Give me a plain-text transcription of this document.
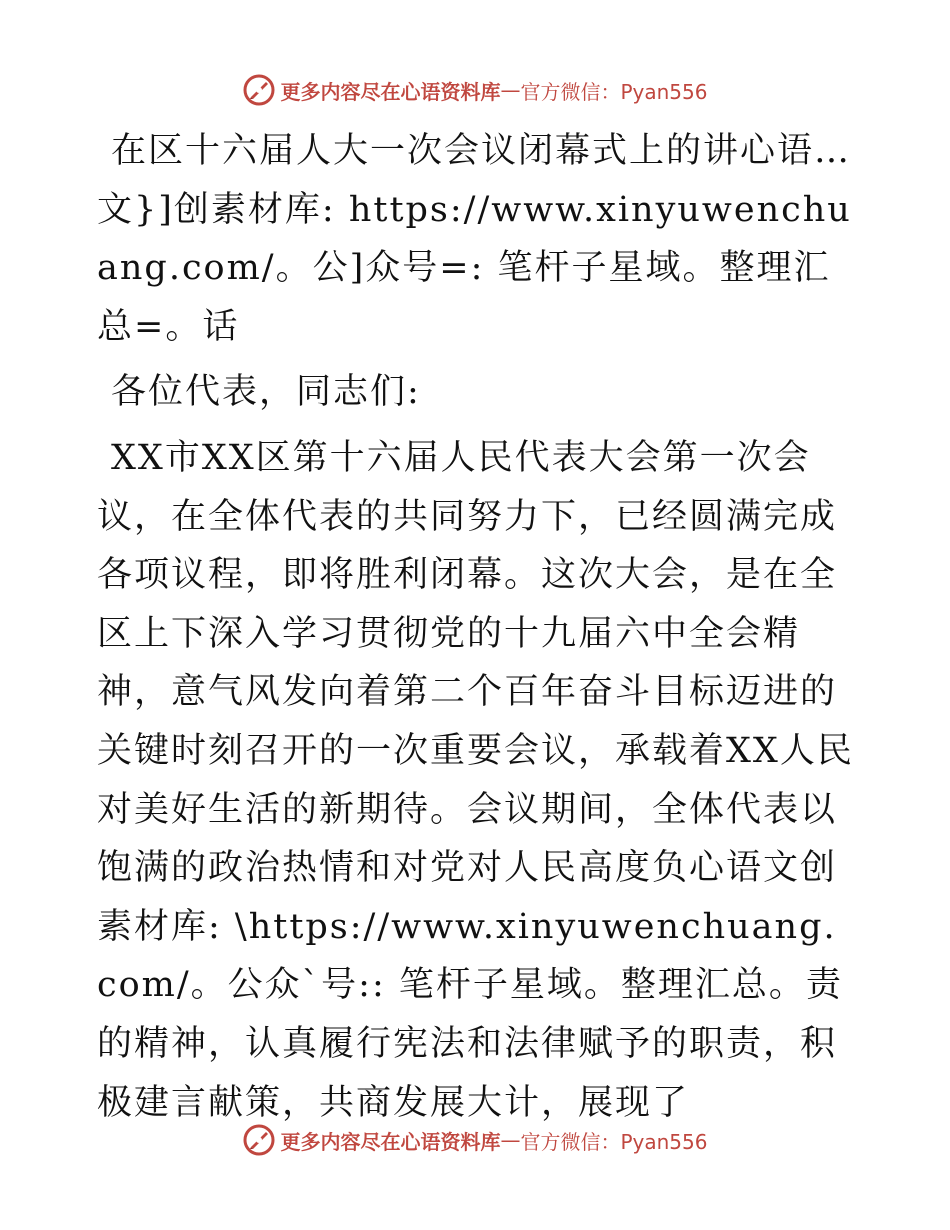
更多内容尽在心语资料库 — 官方微信：Pyan556

在区十六届人大一次会议闭幕式上的讲心语…文}]创素材库: https://www.xinyuwenchuang.com/。公]众号=: 笔杆子星域。整理汇总=。话

各位代表，同志们:

XX市XX区第十六届人民代表大会第一次会议，在全体代表的共同努力下，已经圆满完成各项议程，即将胜利闭幕。这次大会，是在全区上下深入学习贯彻党的十九届六中全会精神，意气风发向着第二个百年奋斗目标迈进的关键时刻召开的一次重要会议，承载着XX人民对美好生活的新期待。会议期间，全体代表以饱满的政治热情和对党对人民高度负心语文创素材库: \https://www.xinyuwenchuang.com/。公众`号:: 笔杆子星域。整理汇总。责的精神，认真履行宪法和法律赋予的职责，积极建言献策，共商发展大计，展现了

更多内容尽在心语资料库 — 官方微信：Pyan556
